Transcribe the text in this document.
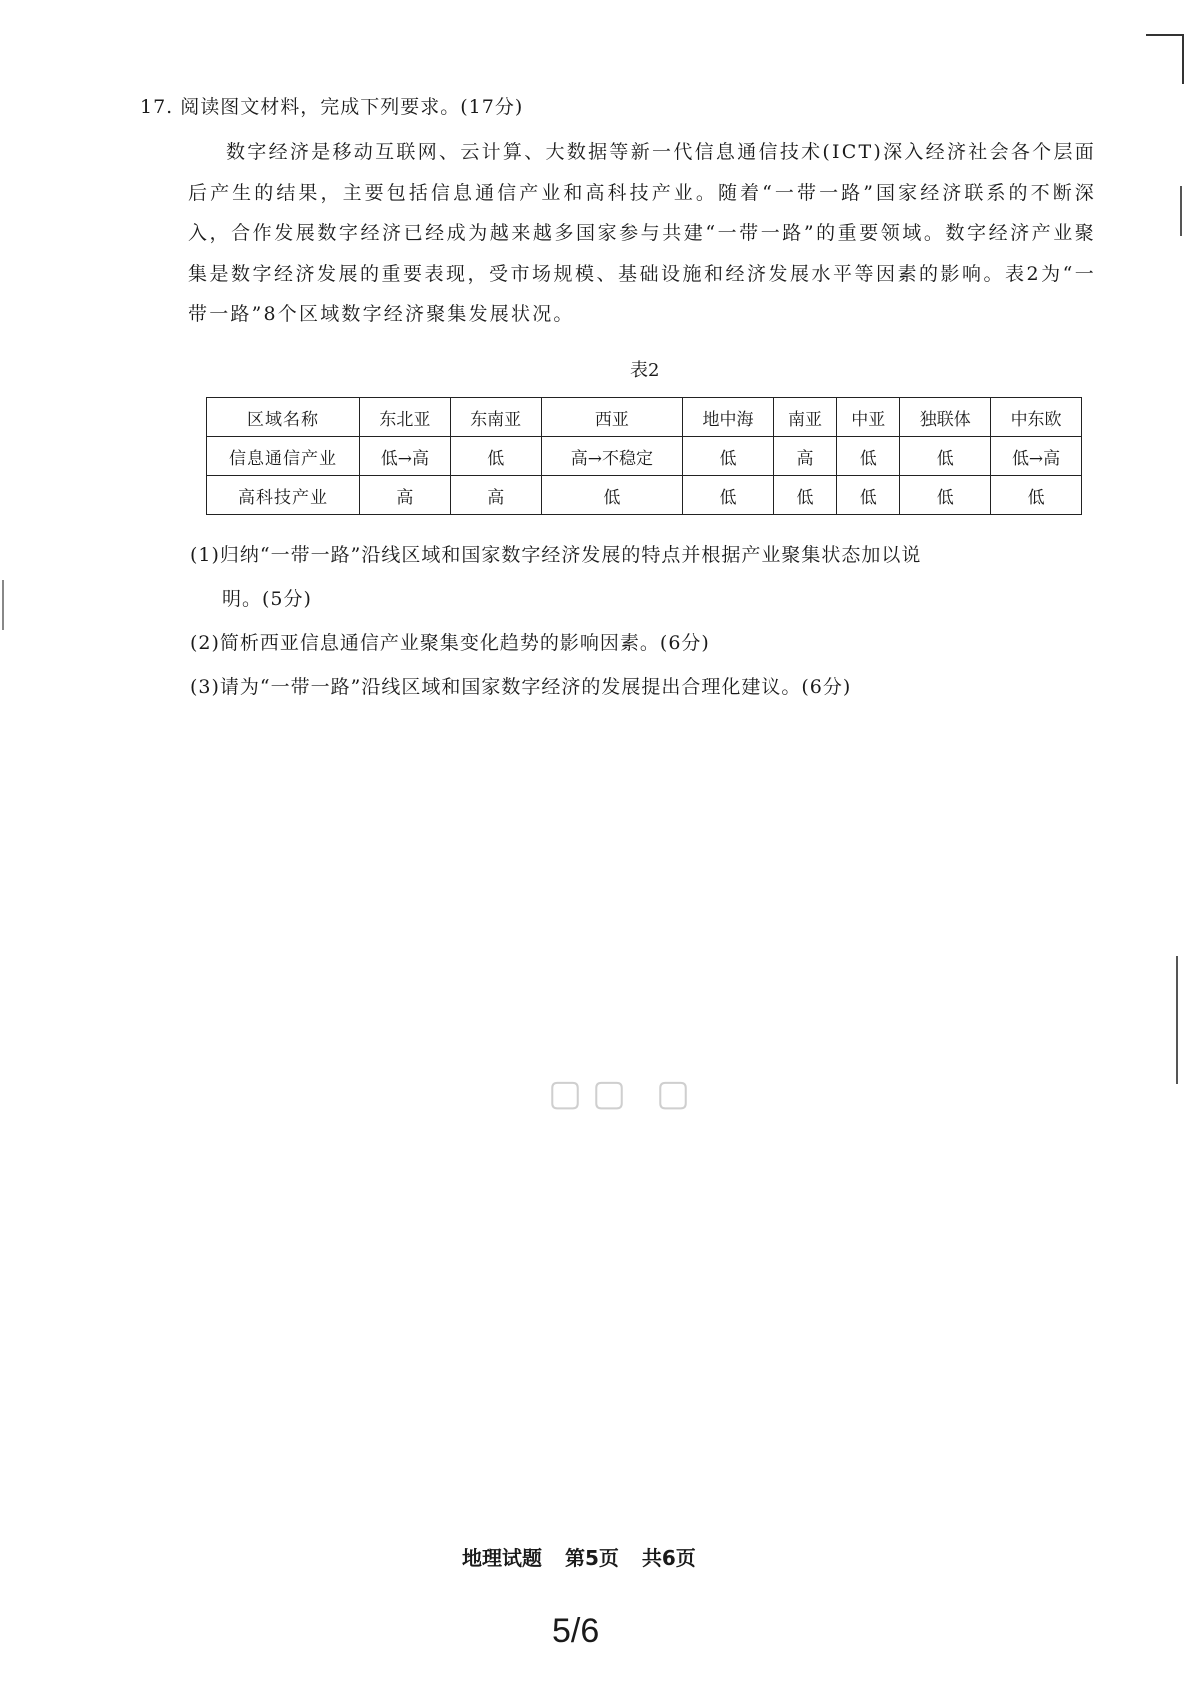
17. 阅读图文材料，完成下列要求。(17分)

数字经济是移动互联网、云计算、大数据等新一代信息通信技术(ICT)深入经济社会各个层面后产生的结果，主要包括信息通信产业和高科技产业。随着“一带一路”国家经济联系的不断深入，合作发展数字经济已经成为越来越多国家参与共建“一带一路”的重要领域。数字经济产业聚集是数字经济发展的重要表现，受市场规模、基础设施和经济发展水平等因素的影响。表2为“一带一路”8个区域数字经济聚集发展状况。

表2
区域名称	东北亚	东南亚	西亚	地中海	南亚	中亚	独联体	中东欧
信息通信产业	低→高	低	高→不稳定	低	高	低	低	低→高
高科技产业	高	高	低	低	低	低	低	低
(1)归纳“一带一路”沿线区域和国家数字经济发展的特点并根据产业聚集状态加以说
明。(5分)
(2)简析西亚信息通信产业聚集变化趋势的影响因素。(6分)
(3)请为“一带一路”沿线区域和国家数字经济的发展提出合理化建议。(6分)
▢▢ ▢
地理试题 第5页 共6页
5/6
